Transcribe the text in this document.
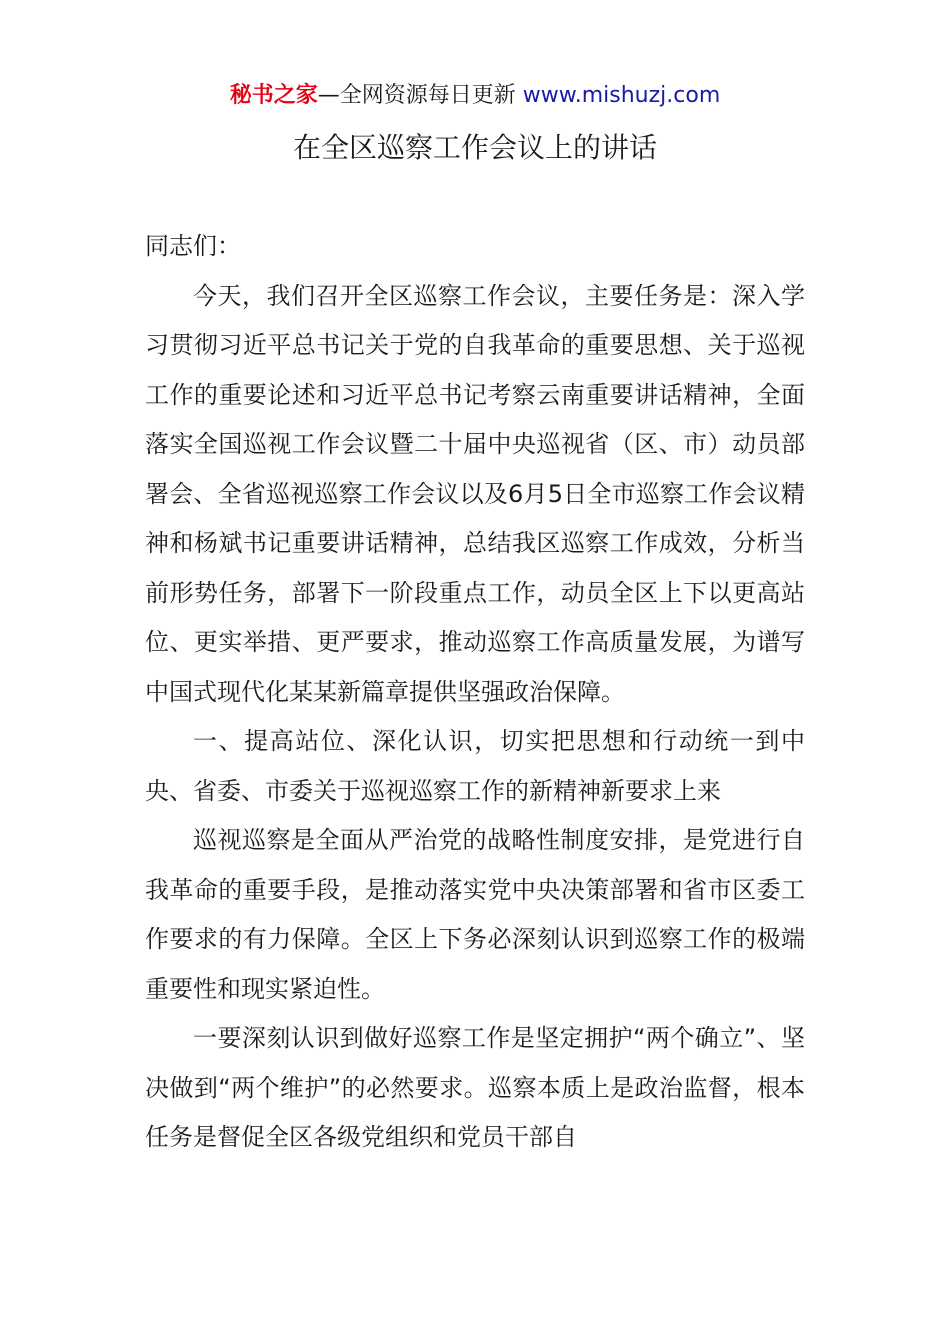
秘书之家—全网资源每日更新 www.mishuzj.com
在全区巡察工作会议上的讲话

同志们：

今天，我们召开全区巡察工作会议，主要任务是：深入学习贯彻习近平总书记关于党的自我革命的重要思想、关于巡视工作的重要论述和习近平总书记考察云南重要讲话精神，全面落实全国巡视工作会议暨二十届中央巡视省（区、市）动员部署会、全省巡视巡察工作会议以及6月5日全市巡察工作会议精神和杨斌书记重要讲话精神，总结我区巡察工作成效，分析当前形势任务，部署下一阶段重点工作，动员全区上下以更高站位、更实举措、更严要求，推动巡察工作高质量发展，为谱写中国式现代化某某新篇章提供坚强政治保障。

一、提高站位、深化认识，切实把思想和行动统一到中央、省委、市委关于巡视巡察工作的新精神新要求上来

巡视巡察是全面从严治党的战略性制度安排，是党进行自我革命的重要手段，是推动落实党中央决策部署和省市区委工作要求的有力保障。全区上下务必深刻认识到巡察工作的极端重要性和现实紧迫性。

一要深刻认识到做好巡察工作是坚定拥护“两个确立”、坚决做到“两个维护”的必然要求。巡察本质上是政治监督，根本任务是督促全区各级党组织和党员干部自
